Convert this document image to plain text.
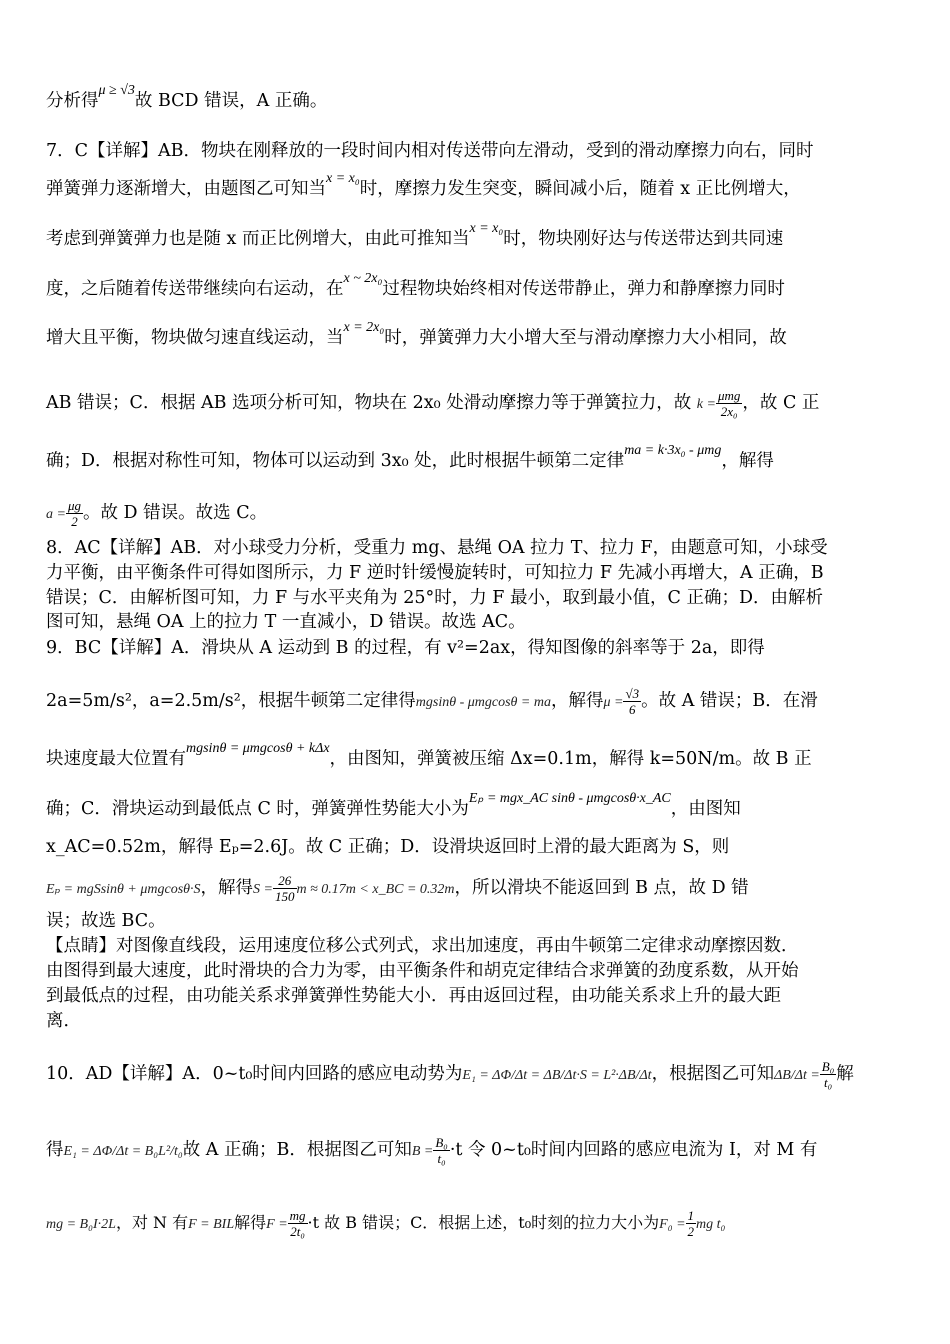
分析得$^{\mu \ge √3}$故 BCD 错误，A 正确。
7．C【详解】AB．物块在刚释放的一段时间内相对传送带向左滑动，受到的滑动摩擦力向右，同时
弹簧弹力逐渐增大，由题图乙可知当$^{x = x_0}$时，摩擦力发生突变，瞬间减小后，随着 x 正比例增大，
考虑到弹簧弹力也是随 x 而正比例增大，由此可推知当$^{x = x_0}$时，物块刚好达与传送带达到共同速
度，之后随着传送带继续向右运动，在$^{x \sim 2x_0}$过程物块始终相对传送带静止，弹力和静摩擦力同时
增大且平衡，物块做匀速直线运动，当$^{x = 2x_0}$时，弹簧弹力大小增大至与滑动摩擦力大小相同，故
AB 错误；C．根据 AB 选项分析可知，物块在 2x₀ 处滑动摩擦力等于弹簧拉力，故 $k = \frac{\text{μmg}}{\text{2x₀}}$ ，故 C 正
确；D．根据对称性可知，物体可以运动到 3x₀ 处，此时根据牛顿第二定律$^{ma = k\cdot 3x_0 - \mu mg}$，解得
$a = \frac{\mu g}{2}$ 。故 D 错误。故选 C。
8．AC【详解】AB．对小球受力分析，受重力 mg、悬绳 OA 拉力 T、拉力 F，由题意可知，小球受
力平衡，由平衡条件可得如图所示，力 F 逆时针缓慢旋转时，可知拉力 F 先减小再增大，A 正确，B
错误；C．由解析图可知，力 F 与水平夹角为 25°时，力 F 最小，取到最小值，C 正确；D．由解析
图可知，悬绳 OA 上的拉力 T 一直减小，D 错误。故选 AC。
9．BC【详解】A．滑块从 A 运动到 B 的过程，有 v²=2ax，得知图像的斜率等于 2a，即得
2a=5m/s²，a=2.5m/s²，根据牛顿第二定律得mgsinθ - μmgcosθ = ma，解得$\mu = \frac{√3}{6}$ 。故 A 错误；B．在滑
块速度最大位置有$^{mgsin\theta = \mu mgcos\theta + k\Delta x}$，由图知，弹簧被压缩 Δx=0.1m，解得 k=50N/m。故 B 正
确；C．滑块运动到最低点 C 时，弹簧弹性势能大小为$^{E_p = mgx\_AC sin\theta - \mu mgcos\theta\cdot x\_AC}$，由图知
x_AC=0.52m，解得 Eₚ=2.6J。故 C 正确；D．设滑块返回时上滑的最大距离为 S，则
Eₚ = mgSsinθ + μmgcosθ·S，解得$S = \frac{26}{150}$ m ≈ 0.17m < x_BC = 0.32m，所以滑块不能返回到 B 点，故 D 错
误；故选 BC。
【点睛】对图像直线段，运用速度位移公式列式，求出加速度，再由牛顿第二定律求动摩擦因数．
由图得到最大速度，此时滑块的合力为零，由平衡条件和胡克定律结合求弹簧的劲度系数，从开始
到最低点的过程，由功能关系求弹簧弹性势能大小．再由返回过程，由功能关系求上升的最大距
离．
10．AD【详解】A．0~t₀时间内回路的感应电动势为E₁ = ΔΦ/Δt = ΔB/Δt·S = L²·ΔB/Δt，根据图乙可知$\Delta B/\Delta t = \frac{\text{B₀}}{\text{t₀}}$ 解
得E₁ = ΔΦ/Δt = B₀L²/t₀故 A 正确；B．根据图乙可知$B = \frac{\text{B₀}}{\text{t₀}} \cdot t$ 令 0~t₀时间内回路的感应电流为 I，对 M 有
mg = B₀I·2L，对 N 有F = BIL解得$F = \frac{mg}{\text{2t₀}} \cdot t$ 故 B 错误；C．根据上述，t₀时刻的拉力大小为$F_0 = \frac{1}{2}$ mg t₀
